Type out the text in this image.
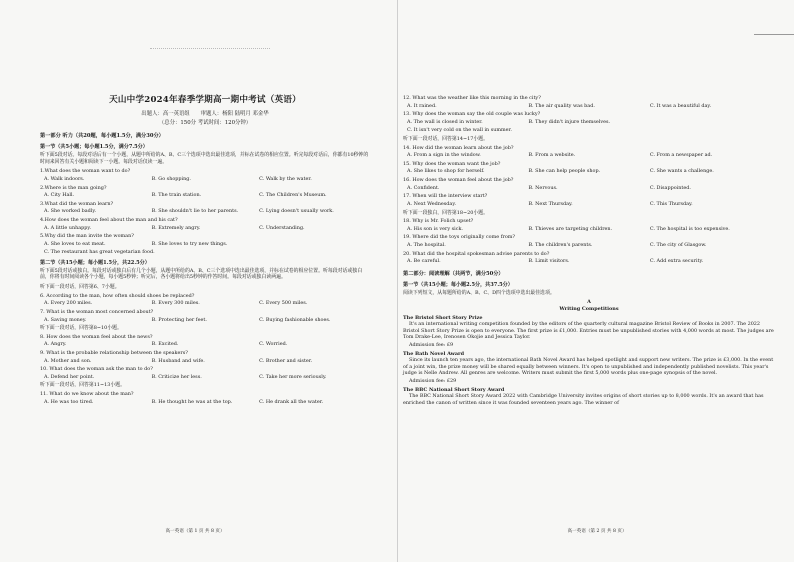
天山中学2024年春季学期高一期中考试（英语）
出题人：高一英语组　　审题人：杨阳 陆明月 邓金华
（总分：150分 考试时间：120分钟）
第一部分 听力（共20题，每小题1.5分，满分30分）
第一节（共5小题；每小题1.5分，满分7.5分）
听下面5段对话。每段对话后有一个小题，从题中所给的A、B、C三个选项中选出最佳选项，并标在试卷的相应位置。听完每段对话后，你都有10秒钟的时间来回答有关小题和阅读下一小题。每段对话仅读一遍。
1.What does the woman want to do?
A. Walk indoors.	B. Go shopping.	C. Walk by the water.
2.Where is the man going?
A. City Hall.	B. The train station.	C. The Children's Museum.
3.What did the woman learn?
A. She worked badly.	B. She shouldn't lie to her parents.	C. Lying doesn't usually work.
4.How does the woman feel about the man and his cat?
A. A little unhappy.	B. Extremely angry.	C. Understanding.
5.Why did the man invite the woman?
A. She loves to eat meat.	B. She loves to try new things.
C. The restaurant has great vegetarian food.
第二节（共15小题；每小题1.5分，共22.5分）
听下面5段对话或独白。每段对话或独白后有几个小题，从题中所给的A、B、C三个选项中选出最佳选项，并标在试卷的相应位置。听每段对话或独白前，你将有时间阅读各个小题，每小题5秒钟；听完后，各小题将给出5秒钟的作答时间。每段对话或独白读两遍。
听下面一段对话，回答第6、7小题。
6. According to the man, how often should shoes be replaced?
A. Every 200 miles.	B. Every 300 miles.	C. Every 500 miles.
7. What is the woman most concerned about?
A. Saving money.	B. Protecting her feet.	C. Buying fashionable shoes.
听下面一段对话，回答第8~10小题。
8. How does the woman feel about the news?
A. Angry.	B. Excited.	C. Worried.
9. What is the probable relationship between the speakers?
A. Mother and son.	B. Husband and wife.	C. Brother and sister.
10. What does the woman ask the man to do?
A. Defend her point.	B. Criticize her less.	C. Take her more seriously.
听下面一段对话，回答第11~13小题。
11. What do we know about the man?
A. He was too tired.	B. He thought he was at the top.	C. He drank all the water.
高一英语（第 1 页 共 8 页）
12. What was the weather like this morning in the city?
A. It rained.	B. The air quality was bad.	C. It was a beautiful day.
13. Why does the woman say the old couple was lucky?
A. The wall is closed in winter.	B. They didn't injure themselves.
C. It isn't very cold on the wall in summer.
听下面一段对话，回答第14~17小题。
14. How did the woman learn about the job?
A. From a sign in the window.	B. From a website.	C. From a newspaper ad.
15. Why does the woman want the job?
A. She likes to shop for herself.	B. She can help people shop.	C. She wants a challenge.
16. How does the woman feel about the job?
A. Confident.	B. Nervous.	C. Disappointed.
17. When will the interview start?
A. Next Wednesday.	B. Next Thursday.	C. This Thursday.
听下面一段独白，回答第18~20小题。
18. Why is Mr. Folich upset?
A. His son is very sick.	B. Thieves are targeting children.	C. The hospital is too expensive.
19. Where did the toys originally come from?
A. The hospital.	B. The children's parents.	C. The city of Glasgow.
20. What did the hospital spokesman advise parents to do?
A. Be careful.	B. Limit visitors.	C. Add extra security.
第二部分：阅读理解（共两节，满分50分）
第一节（共15小题；每小题2.5分，共37.5分）
阅读下列短文，从每题所给的A、B、C、D四个选项中选出最佳选项。
A
Writing Competitions
The Bristol Short Story Prize
It's an international writing competition founded by the editors of the quarterly cultural magazine Bristol Review of Books in 2007. The 2022 Bristol Short Story Prize is open to everyone. The first prize is £1,000. Entries must be unpublished stories with 4,000 words at most. The judges are Tom Drake-Lee, Irenosen Okojie and Jessica Taylor.
Admission fee: £9
The Bath Novel Award
Since its launch ten years ago, the international Bath Novel Award has helped spotlight and support new writers. The prize is £3,000. In the event of a joint win, the prize money will be shared equally between winners. It's open to unpublished and independently published novelists. This year's judge is Nelle Andrew. All genres are welcome. Writers must submit the first 5,000 words plus one-page synopsis of the novel.
Admission fee: £29
The BBC National Short Story Award
The BBC National Short Story Award 2022 with Cambridge University invites origins of short stories up to 8,000 words. It's an award that has enriched the canon of written since it was founded seventeen years ago. The winner of
高一英语（第 2 页 共 8 页）
